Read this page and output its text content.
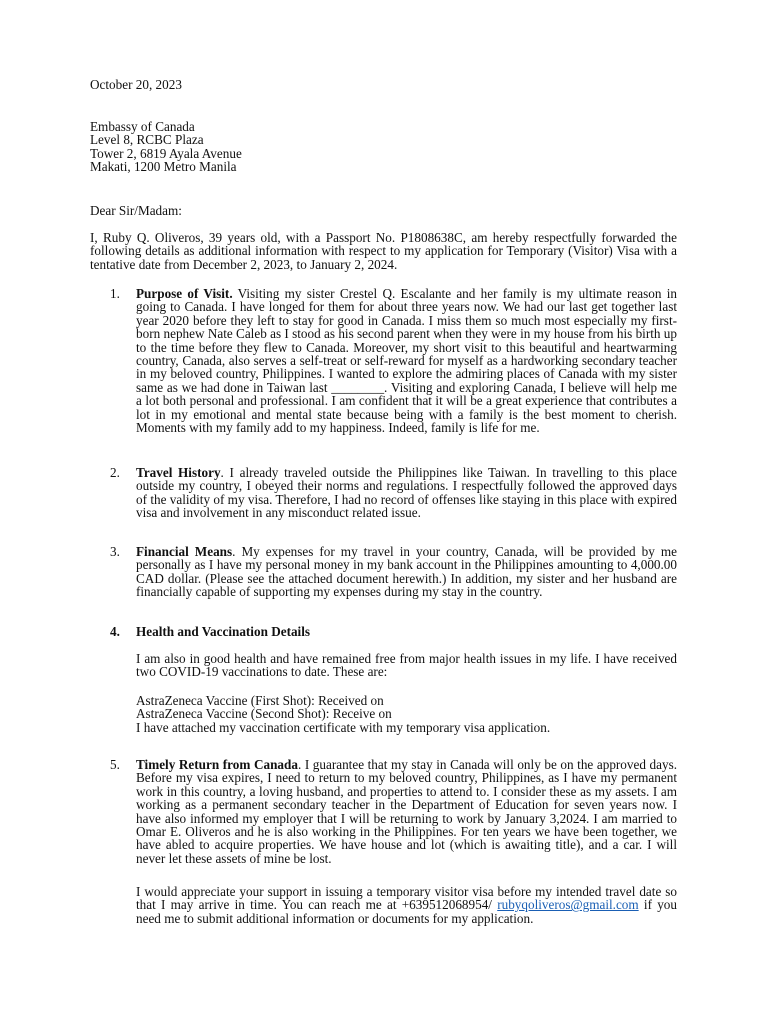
October 20, 2023
Embassy of Canada
Level 8, RCBC Plaza
Tower 2, 6819 Ayala Avenue
Makati, 1200 Metro Manila
Dear Sir/Madam:
I, Ruby Q. Oliveros, 39 years old, with a Passport No. P1808638C, am hereby respectfully forwarded the following details as additional information with respect to my application for Temporary (Visitor) Visa with a tentative date from December 2, 2023, to January 2, 2024.
1. Purpose of Visit. Visiting my sister Crestel Q. Escalante and her family is my ultimate reason in going to Canada. I have longed for them for about three years now. We had our last get together last year 2020 before they left to stay for good in Canada. I miss them so much most especially my first-born nephew Nate Caleb as I stood as his second parent when they were in my house from his birth up to the time before they flew to Canada. Moreover, my short visit to this beautiful and heartwarming country, Canada, also serves a self-treat or self-reward for myself as a hardworking secondary teacher in my beloved country, Philippines. I wanted to explore the admiring places of Canada with my sister same as we had done in Taiwan last ________. Visiting and exploring Canada, I believe will help me a lot both personal and professional. I am confident that it will be a great experience that contributes a lot in my emotional and mental state because being with a family is the best moment to cherish. Moments with my family add to my happiness. Indeed, family is life for me.
2. Travel History. I already traveled outside the Philippines like Taiwan. In travelling to this place outside my country, I obeyed their norms and regulations. I respectfully followed the approved days of the validity of my visa. Therefore, I had no record of offenses like staying in this place with expired visa and involvement in any misconduct related issue.
3. Financial Means. My expenses for my travel in your country, Canada, will be provided by me personally as I have my personal money in my bank account in the Philippines amounting to 4,000.00 CAD dollar. (Please see the attached document herewith.) In addition, my sister and her husband are financially capable of supporting my expenses during my stay in the country.
4. Health and Vaccination Details
I am also in good health and have remained free from major health issues in my life. I have received two COVID-19 vaccinations to date. These are:
AstraZeneca Vaccine (First Shot): Received on
AstraZeneca Vaccine (Second Shot): Receive on
I have attached my vaccination certificate with my temporary visa application.
5. Timely Return from Canada. I guarantee that my stay in Canada will only be on the approved days. Before my visa expires, I need to return to my beloved country, Philippines, as I have my permanent work in this country, a loving husband, and properties to attend to. I consider these as my assets. I am working as a permanent secondary teacher in the Department of Education for seven years now. I have also informed my employer that I will be returning to work by January 3,2024. I am married to Omar E. Oliveros and he is also working in the Philippines. For ten years we have been together, we have abled to acquire properties. We have house and lot (which is awaiting title), and a car. I will never let these assets of mine be lost.
I would appreciate your support in issuing a temporary visitor visa before my intended travel date so that I may arrive in time. You can reach me at +639512068954/ rubyqoliveros@gmail.com if you need me to submit additional information or documents for my application.
